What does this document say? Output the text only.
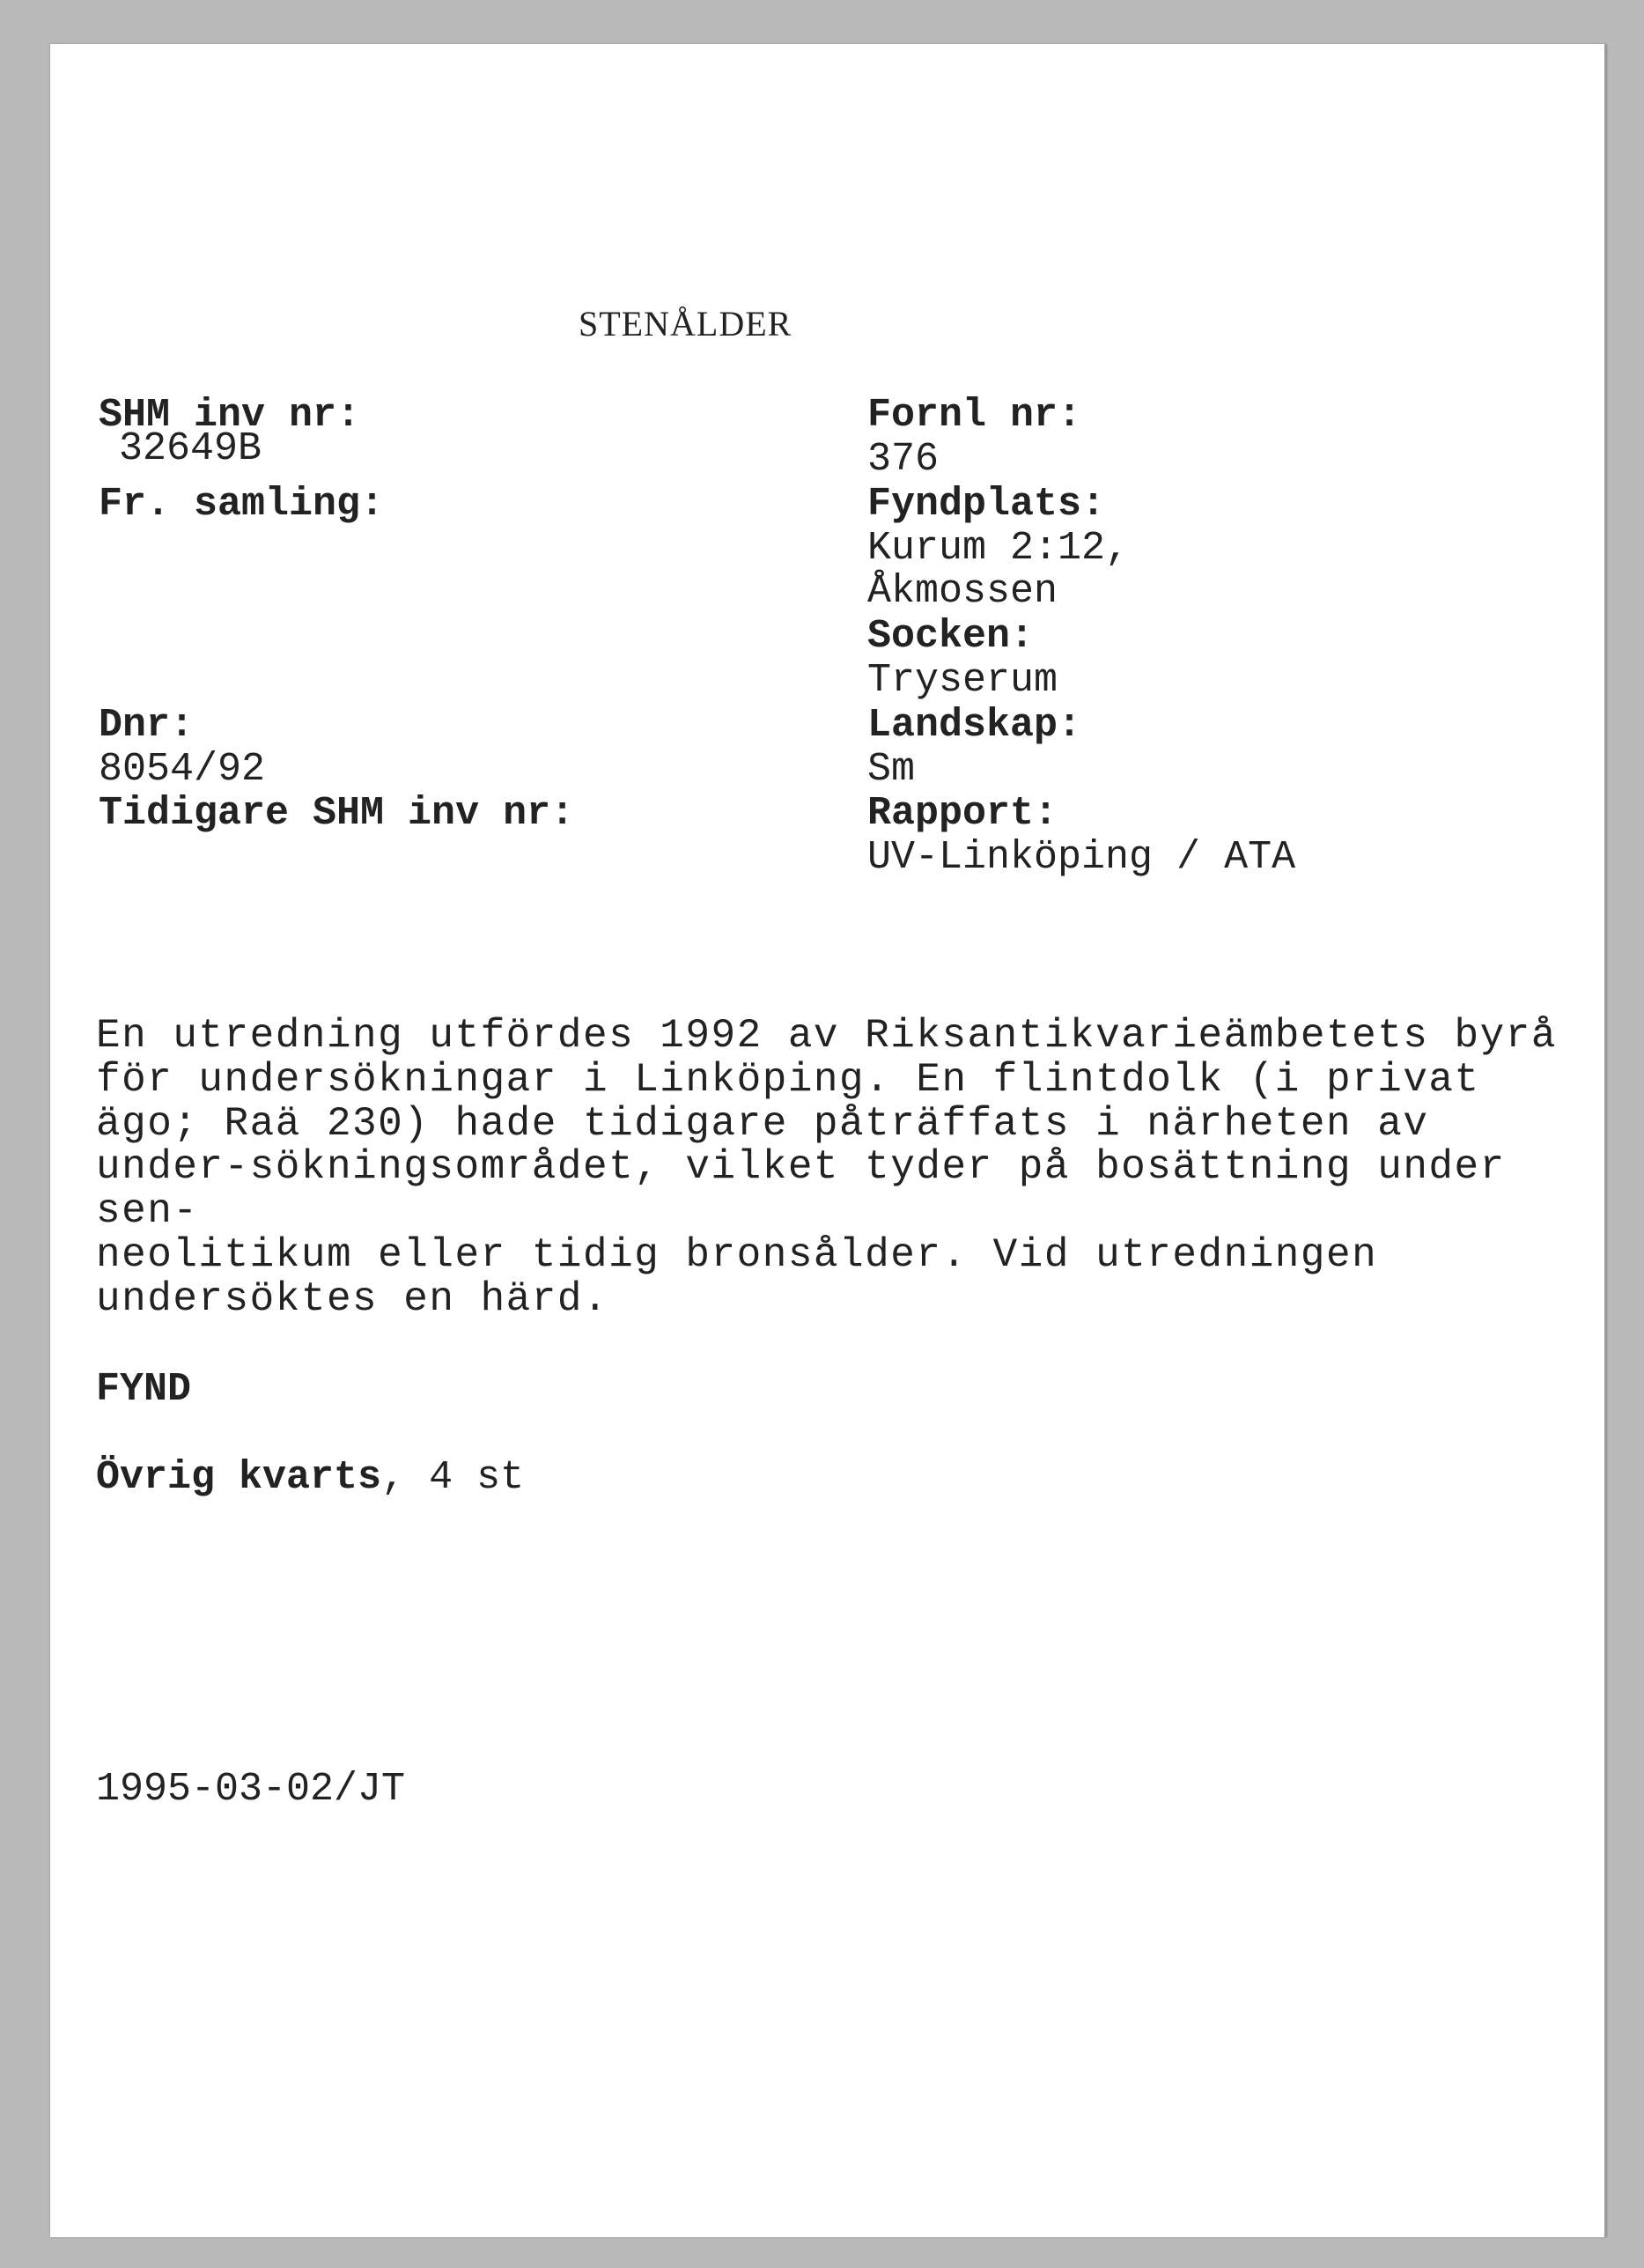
STENÅLDER
SHM inv nr:
32649B
Fr. samling:
Dnr:
8054/92
Tidigare SHM inv nr:
Fornl nr:
376
Fyndplats:
Kurum 2:12,
Åkmossen
Socken:
Tryserum
Landskap:
Sm
Rapport:
UV-Linköping / ATA
En utredning utfördes 1992 av Riksantikvarieämbetets byrå
för undersökningar i Linköping. En flintdolk (i privat
ägo; Raä 230) hade tidigare påträffats i närheten av
under-sökningsområdet, vilket tyder på bosättning under
sen-
neolitikum eller tidig bronsålder. Vid utredningen
undersöktes en härd.
FYND
Övrig kvarts, 4 st
1995-03-02/JT
